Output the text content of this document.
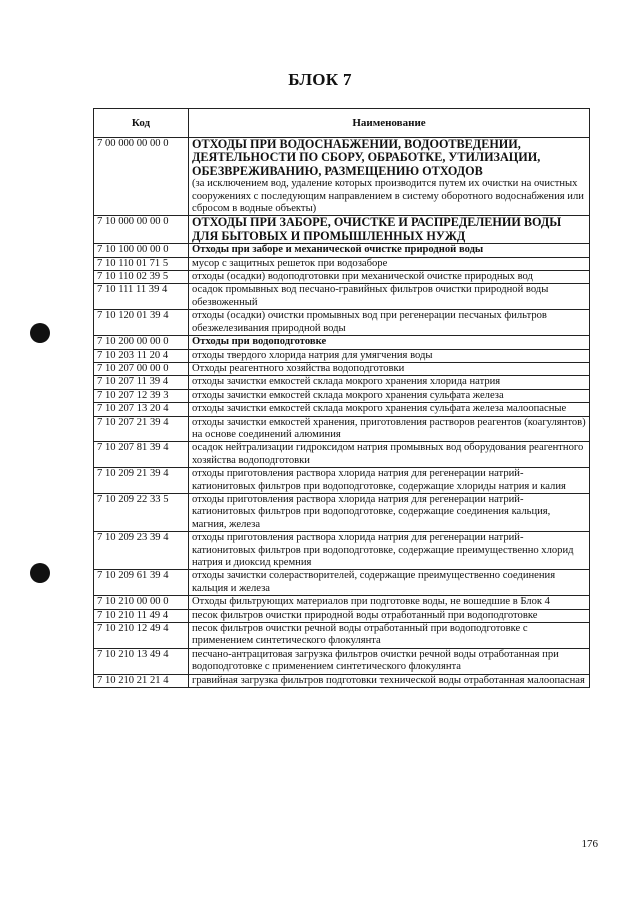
БЛОК 7
Код	Наименование
7 00 000 00 00 0	ОТХОДЫ ПРИ ВОДОСНАБЖЕНИИ, ВОДООТВЕДЕНИИ, ДЕЯТЕЛЬНОСТИ ПО СБОРУ, ОБРАБОТКЕ, УТИЛИЗАЦИИ, ОБЕЗВРЕЖИВАНИЮ, РАЗМЕЩЕНИЮ ОТХОДОВ
(за исключением вод, удаление которых производится путем их очистки на очистных сооружениях с последующим направлением в систему оборотного водоснабжения или сбросом в водные объекты)

7 10 000 00 00 0	ОТХОДЫ ПРИ ЗАБОРЕ, ОЧИСТКЕ И РАСПРЕДЕЛЕНИИ ВОДЫ ДЛЯ БЫТОВЫХ И ПРОМЫШЛЕННЫХ НУЖД
7 10 100 00 00 0	Отходы при заборе и механической очистке природной воды
7 10 110 01 71 5	мусор с защитных решеток при водозаборе
7 10 110 02 39 5	отходы (осадки) водоподготовки при механической очистке природных вод
7 10 111 11 39 4	осадок промывных вод песчано-гравийных фильтров очистки природной воды обезвоженный
7 10 120 01 39 4	отходы (осадки) очистки промывных вод при регенерации песчаных фильтров обезжелезивания природной воды
7 10 200 00 00 0	Отходы при водоподготовке
7 10 203 11 20 4	отходы твердого хлорида натрия для умягчения воды
7 10 207 00 00 0	Отходы реагентного хозяйства водоподготовки
7 10 207 11 39 4	отходы зачистки емкостей склада мокрого хранения хлорида натрия
7 10 207 12 39 3	отходы зачистки емкостей склада мокрого хранения сульфата железа
7 10 207 13 20 4	отходы зачистки емкостей склада мокрого хранения сульфата железа малоопасные
7 10 207 21 39 4	отходы зачистки емкостей хранения, приготовления растворов реагентов (коагулянтов) на основе соединений алюминия
7 10 207 81 39 4	осадок нейтрализации гидроксидом натрия промывных вод оборудования реагентного хозяйства водоподготовки
7 10 209 21 39 4	отходы приготовления раствора хлорида натрия для регенерации натрий-катионитовых фильтров при водоподготовке, содержащие хлориды натрия и калия
7 10 209 22 33 5	отходы приготовления раствора хлорида натрия для регенерации натрий-катионитовых фильтров при водоподготовке, содержащие соединения кальция, магния, железа
7 10 209 23 39 4	отходы приготовления раствора хлорида натрия для регенерации натрий-катионитовых фильтров при водоподготовке, содержащие преимущественно хлорид натрия и диоксид кремния
7 10 209 61 39 4	отходы зачистки солерастворителей, содержащие преимущественно соединения кальция и железа
7 10 210 00 00 0	Отходы фильтрующих материалов при подготовке воды, не вошедшие в Блок 4
7 10 210 11 49 4	песок фильтров очистки природной воды отработанный при водоподготовке
7 10 210 12 49 4	песок фильтров очистки речной воды отработанный при водоподготовке с применением синтетического флокулянта
7 10 210 13 49 4	песчано-антрацитовая загрузка фильтров очистки речной воды отработанная при водоподготовке с применением синтетического флокулянта
7 10 210 21 21 4	гравийная загрузка фильтров подготовки технической воды отработанная малоопасная
176
